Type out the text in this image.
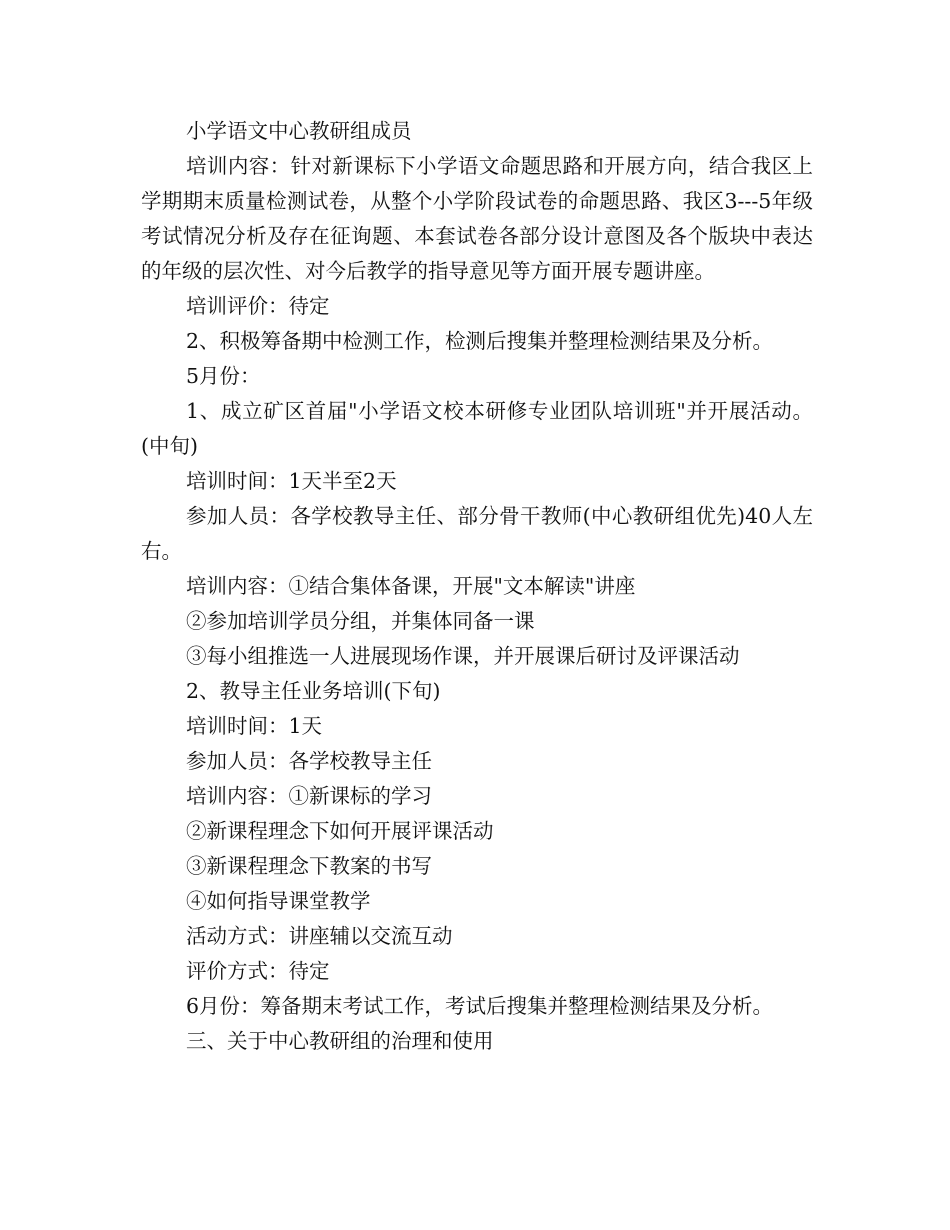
小学语文中心教研组成员

培训内容：针对新课标下小学语文命题思路和开展方向，结合我区上学期期末质量检测试卷，从整个小学阶段试卷的命题思路、我区3---5年级考试情况分析及存在征询题、本套试卷各部分设计意图及各个版块中表达的年级的层次性、对今后教学的指导意见等方面开展专题讲座。

培训评价：待定

2、积极筹备期中检测工作，检测后搜集并整理检测结果及分析。

5月份：

1、成立矿区首届"小学语文校本研修专业团队培训班"并开展活动。(中旬)

培训时间：1天半至2天

参加人员：各学校教导主任、部分骨干教师(中心教研组优先)40人左右。

培训内容：①结合集体备课，开展"文本解读"讲座

②参加培训学员分组，并集体同备一课

③每小组推选一人进展现场作课，并开展课后研讨及评课活动

2、教导主任业务培训(下旬)

培训时间：1天

参加人员：各学校教导主任

培训内容：①新课标的学习

②新课程理念下如何开展评课活动

③新课程理念下教案的书写

④如何指导课堂教学

活动方式：讲座辅以交流互动

评价方式：待定

6月份：筹备期末考试工作，考试后搜集并整理检测结果及分析。

三、关于中心教研组的治理和使用
